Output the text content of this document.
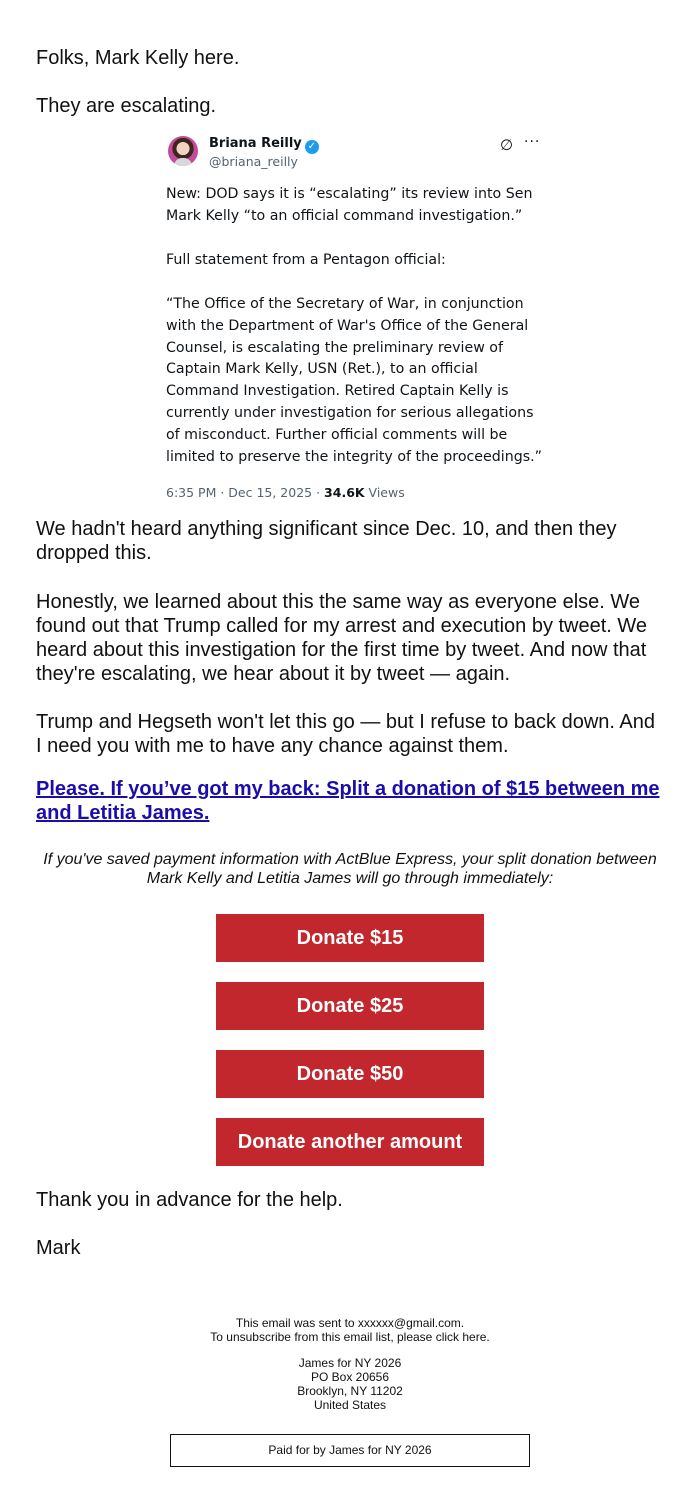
Folks, Mark Kelly here.

They are escalating.

Briana Reilly ✓
@briana_reilly
∅ ···

New: DOD says it is “escalating” its review into Sen Mark Kelly “to an official command investigation.”

Full statement from a Pentagon official:

“The Office of the Secretary of War, in conjunction with the Department of War's Office of the General Counsel, is escalating the preliminary review of Captain Mark Kelly, USN (Ret.), to an official Command Investigation. Retired Captain Kelly is currently under investigation for serious allegations of misconduct. Further official comments will be limited to preserve the integrity of the proceedings.”

6:35 PM · Dec 15, 2025 · 34.6K Views

We hadn't heard anything significant since Dec. 10, and then they dropped this.

Honestly, we learned about this the same way as everyone else. We found out that Trump called for my arrest and execution by tweet. We heard about this investigation for the first time by tweet. And now that they're escalating, we hear about it by tweet — again.

Trump and Hegseth won't let this go — but I refuse to back down. And I need you with me to have any chance against them.

Please. If you’ve got my back: Split a donation of $15 between me and Letitia James.
If you've saved payment information with ActBlue Express, your split donation between Mark Kelly and Letitia James will go through immediately:
Donate $15
Donate $25
Donate $50
Donate another amount

Thank you in advance for the help.

Mark

This email was sent to xxxxxx@gmail.com.
To unsubscribe from this email list, please click here.
James for NY 2026
PO Box 20656
Brooklyn, NY 11202
United States
Paid for by James for NY 2026
